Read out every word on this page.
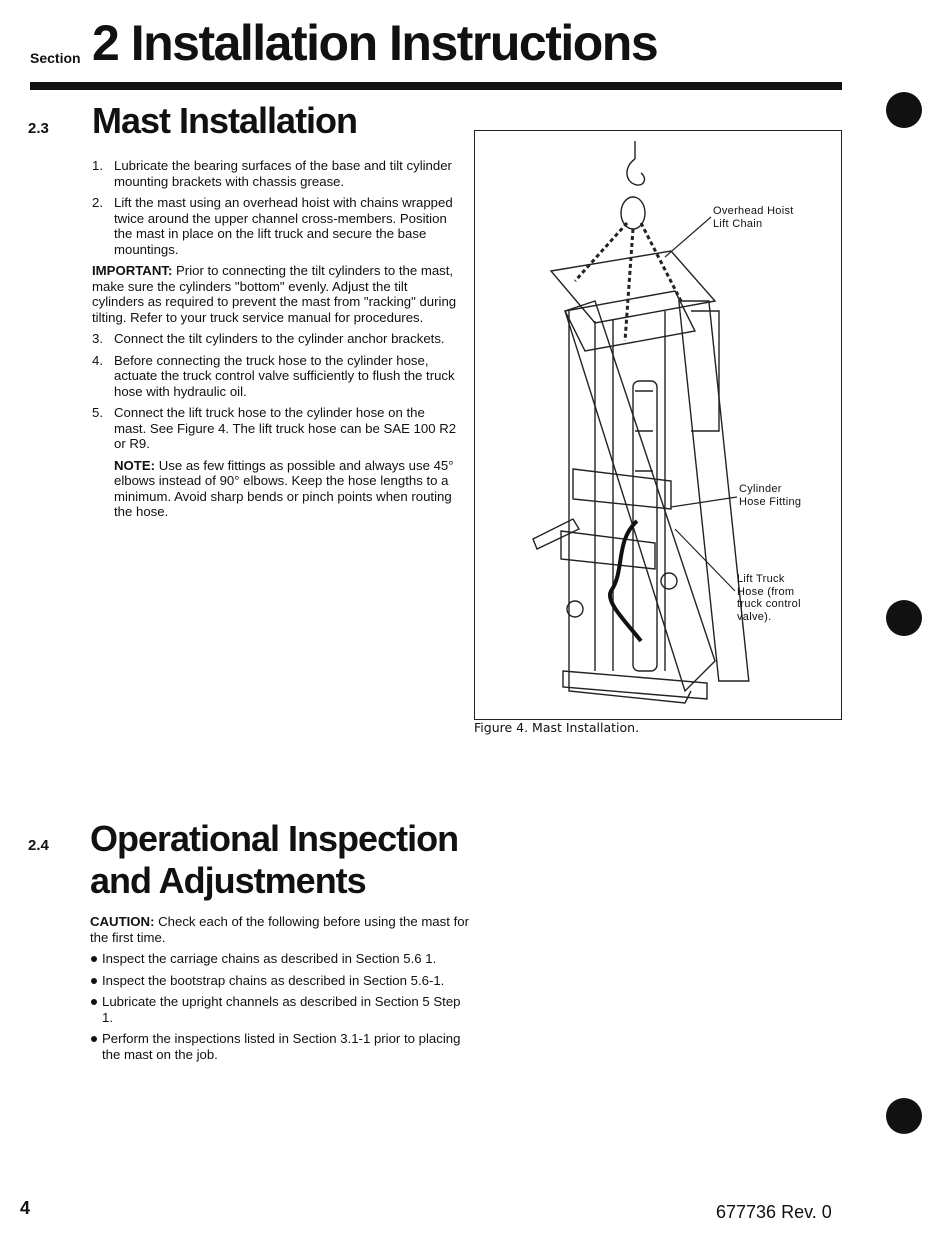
Section 2 Installation Instructions
2.3 Mast Installation
1. Lubricate the bearing surfaces of the base and tilt cylinder mounting brackets with chassis grease.
2. Lift the mast using an overhead hoist with chains wrapped twice around the upper channel cross-members. Position the mast in place on the lift truck and secure the base mountings.

IMPORTANT: Prior to connecting the tilt cylinders to the mast, make sure the cylinders "bottom" evenly. Adjust the tilt cylinders as required to prevent the mast from "racking" during tilting. Refer to your truck service manual for procedures.

3. Connect the tilt cylinders to the cylinder anchor brackets.
4. Before connecting the truck hose to the cylinder hose, actuate the truck control valve sufficiently to flush the truck hose with hydraulic oil.
5. Connect the lift truck hose to the cylinder hose on the mast. See Figure 4. The lift truck hose can be SAE 100 R2 or R9.
NOTE: Use as few fittings as possible and always use 45° elbows instead of 90° elbows. Keep the hose lengths to a minimum. Avoid sharp bends or pinch points when routing the hose.
Overhead Hoist
Lift Chain
Cylinder
Hose Fitting
Lift Truck
Hose (from
truck control
valve).
Figure 4. Mast Installation.
2.4 Operational Inspection
and Adjustments

CAUTION: Check each of the following before using the mast for the first time.

Inspect the carriage chains as described in Section 5.6 1.
Inspect the bootstrap chains as described in Section 5.6-1.
Lubricate the upright channels as described in Section 5 Step 1.
Perform the inspections listed in Section 3.1-1 prior to placing the mast on the job.
4	677736 Rev. 0
